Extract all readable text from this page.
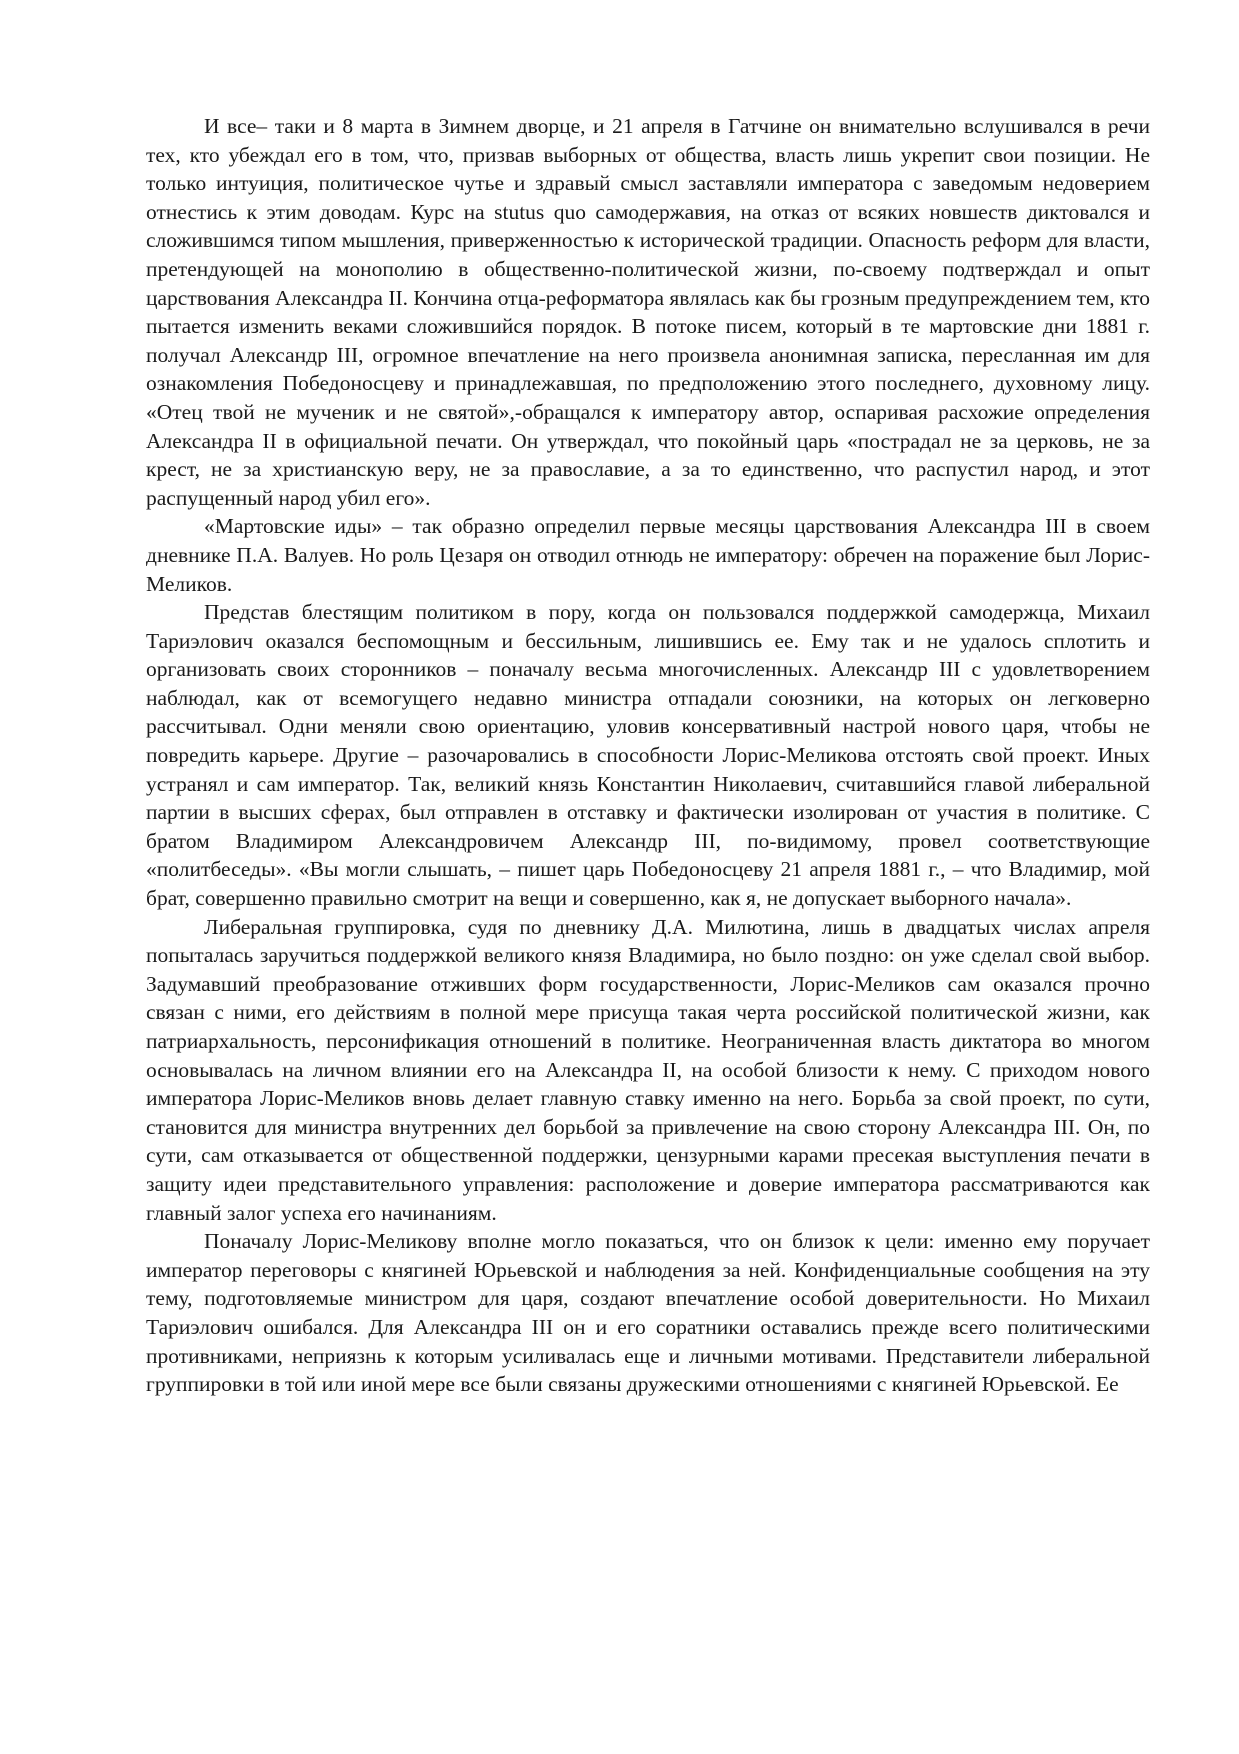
И все– таки и 8 марта в Зимнем дворце, и 21 апреля в Гатчине он внимательно вслушивался в речи тех, кто убеждал его в том, что, призвав выборных от общества, власть лишь укрепит свои позиции. Не только интуиция, политическое чутье и здравый смысл заставляли императора с заведомым недоверием отнестись к этим доводам. Курс на stutus quo самодержавия, на отказ от всяких новшеств диктовался и сложившимся типом мышления, приверженностью к исторической традиции. Опасность реформ для власти, претендующей на монополию в общественно-политической жизни, по-своему подтверждал и опыт царствования Александра II. Кончина отца-реформатора являлась как бы грозным предупреждением тем, кто пытается изменить веками сложившийся порядок. В потоке писем, который в те мартовские дни 1881 г. получал Александр III, огромное впечатление на него произвела анонимная записка, пересланная им для ознакомления Победоносцеву и принадлежавшая, по предположению этого последнего, духовному лицу. «Отец твой не мученик и не святой»,-обращался к императору автор, оспаривая расхожие определения Александра II в официальной печати. Он утверждал, что покойный царь «пострадал не за церковь, не за крест, не за христианскую веру, не за православие, а за то единственно, что распустил народ, и этот распущенный народ убил его».

«Мартовские иды» – так образно определил первые месяцы царствования Александра III в своем дневнике П.А. Валуев. Но роль Цезаря он отводил отнюдь не императору: обречен на поражение был Лорис-Меликов.

Представ блестящим политиком в пору, когда он пользовался поддержкой самодержца, Михаил Тариэлович оказался беспомощным и бессильным, лишившись ее. Ему так и не удалось сплотить и организовать своих сторонников – поначалу весьма многочисленных. Александр III с удовлетворением наблюдал, как от всемогущего недавно министра отпадали союзники, на которых он легковерно рассчитывал. Одни меняли свою ориентацию, уловив консервативный настрой нового царя, чтобы не повредить карьере. Другие – разочаровались в способности Лорис-Меликова отстоять свой проект. Иных устранял и сам император. Так, великий князь Константин Николаевич, считавшийся главой либеральной партии в высших сферах, был отправлен в отставку и фактически изолирован от участия в политике. С братом Владимиром Александровичем Александр III, по-видимому, провел соответствующие «политбеседы». «Вы могли слышать, – пишет царь Победоносцеву 21 апреля 1881 г., – что Владимир, мой брат, совершенно правильно смотрит на вещи и совершенно, как я, не допускает выборного начала».

Либеральная группировка, судя по дневнику Д.А. Милютина, лишь в двадцатых числах апреля попыталась заручиться поддержкой великого князя Владимира, но было поздно: он уже сделал свой выбор. Задумавший преобразование отживших форм государственности, Лорис-Меликов сам оказался прочно связан с ними, его действиям в полной мере присуща такая черта российской политической жизни, как патриархальность, персонификация отношений в политике. Неограниченная власть диктатора во многом основывалась на личном влиянии его на Александра II, на особой близости к нему. С приходом нового императора Лорис-Меликов вновь делает главную ставку именно на него. Борьба за свой проект, по сути, становится для министра внутренних дел борьбой за привлечение на свою сторону Александра III. Он, по сути, сам отказывается от общественной поддержки, цензурными карами пресекая выступления печати в защиту идеи представительного управления: расположение и доверие императора рассматриваются как главный залог успеха его начинаниям.

Поначалу Лорис-Меликову вполне могло показаться, что он близок к цели: именно ему поручает император переговоры с княгиней Юрьевской и наблюдения за ней. Конфиденциальные сообщения на эту тему, подготовляемые министром для царя, создают впечатление особой доверительности. Но Михаил Тариэлович ошибался. Для Александра III он и его соратники оставались прежде всего политическими противниками, неприязнь к которым усиливалась еще и личными мотивами. Представители либеральной группировки в той или иной мере все были связаны дружескими отношениями с княгиней Юрьевской. Ее
